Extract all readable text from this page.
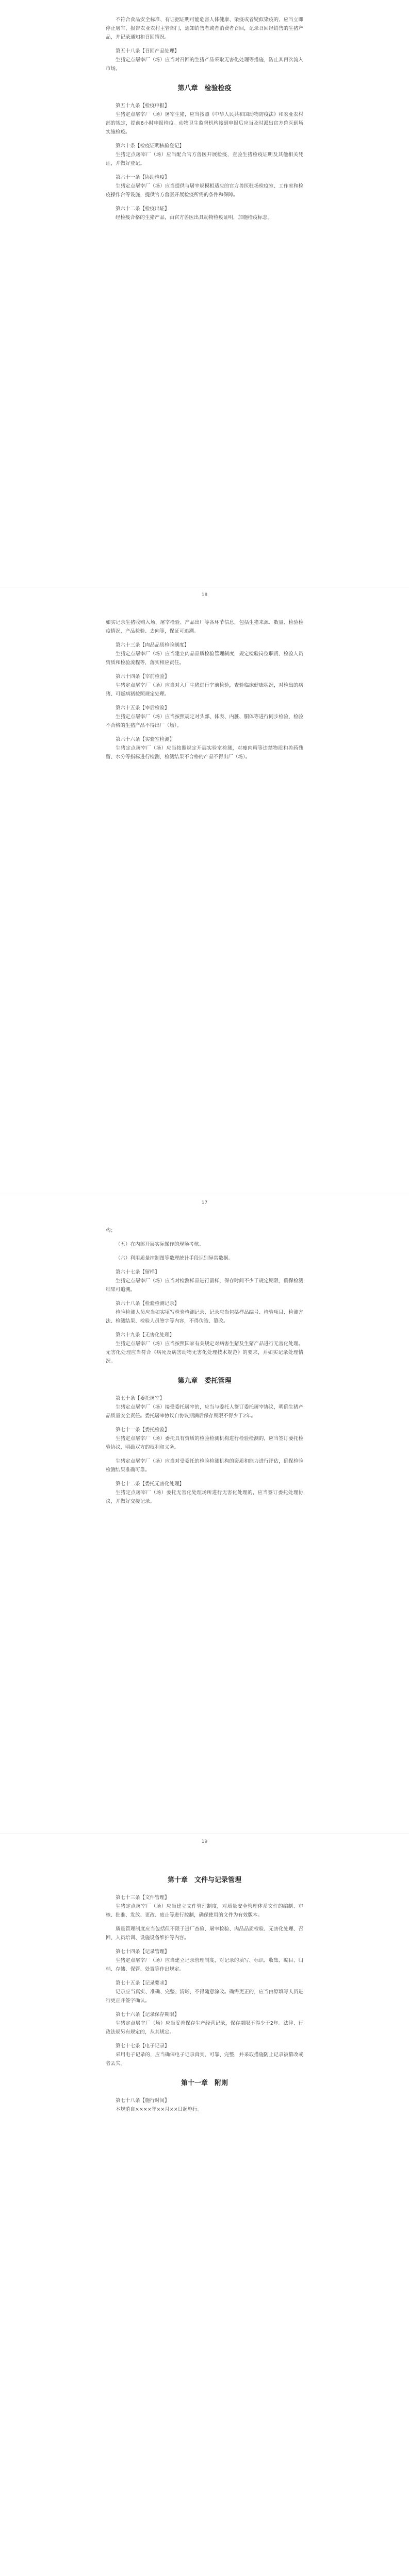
不符合食品安全标准、有证据证明可能危害人体健康、染疫或者疑似染疫的，应当立即停止屠宰，报告农业农村主管部门，通知销售者或者消费者召回，记录召回经销售的生猪产品，并记录通知和召回情况。

第五十八条【召回产品处理】

生猪定点屠宰厂（场）应当对召回的生猪产品采取无害化处理等措施，防止其再次流入市场。

第八章　检验检疫

第五十九条【检疫申报】

生猪定点屠宰厂（场）屠宰生猪，应当按照《中华人民共和国动物防疫法》和农业农村部的规定，提前6小时申报检疫。动物卫生监督机构接到申报后应当及时派出官方兽医到场实施检疫。

第六十条【检疫证明核验登记】

生猪定点屠宰厂（场）应当配合官方兽医开展检疫，查验生猪检疫证明及其他相关凭证，并做好登记。

第六十一条【协助检疫】

生猪定点屠宰厂（场）应当提供与屠宰规模相适应的官方兽医驻场检疫室、工作室和检疫操作台等设施，提供官方兽医开展检疫所需的条件和保障。

第六十二条【检疫出证】

经检疫合格的生猪产品，由官方兽医出具动物检疫证明，加施检疫标志。

18

如实记录生猪收购入场、屠宰检验、产品出厂等各环节信息，包括生猪来源、数量、检验检疫情况，产品检验、去向等，保证可追溯。

第六十三条【肉品品质检验制度】

生猪定点屠宰厂（场）应当建立肉品品质检验管理制度，规定检验岗位职责、检验人员资质和检验流程等，落实相应责任。

第六十四条【宰前检验】

生猪定点屠宰厂（场）应当对入厂生猪进行宰前检验，查验临床健康状况，对检出的病猪、可疑病猪按照规定处理。

第六十五条【宰后检验】

生猪定点屠宰厂（场）应当按照规定对头部、体表、内脏、胴体等进行同步检验，检验不合格的生猪产品不得出厂（场）。

第六十六条【实验室检测】

生猪定点屠宰厂（场）应当按照规定开展实验室检测，对瘦肉精等违禁物质和兽药残留、水分等指标进行检测，检测结果不合格的产品不得出厂（场）。

17

构；

（五）在内部开展实际操作的现场考核。

（六）利用质量控制图等数理统计手段识别异常数据。

第六十七条【留样】

生猪定点屠宰厂（场）应当对检测样品进行留样，保存时间不少于规定期限，确保检测结果可追溯。

第六十八条【检验检测记录】

检验检测人员应当如实填写检验检测记录，记录应当包括样品编号、检验项目、检测方法、检测结果、检验人员签字等内容，不得伪造、篡改。

第六十九条【无害化处理】

生猪定点屠宰厂（场）应当按照国家有关规定对病害生猪及生猪产品进行无害化处理。无害化处理应当符合《病死及病害动物无害化处理技术规范》的要求，并如实记录处理情况。

第九章　委托管理

第七十条【委托屠宰】

生猪定点屠宰厂（场）接受委托屠宰的，应当与委托人签订委托屠宰协议，明确生猪产品质量安全责任。委托屠宰协议自协议期满后保存期限不得少于2年。

第七十一条【委托检验】

生猪定点屠宰厂（场）委托具有资质的检验检测机构进行检验检测的，应当签订委托检验协议，明确双方的权利和义务。

生猪定点屠宰厂（场）应当对受委托的检验检测机构的资质和能力进行评估，确保检验检测结果准确可靠。

第七十二条【委托无害化处理】

生猪定点屠宰厂（场）委托无害化处理场所进行无害化处理的，应当签订委托处理协议，并做好交接记录。

19
第十章　文件与记录管理

第七十三条【文件管理】

生猪定点屠宰厂（场）应当建立文件管理制度，对质量安全管理体系文件的编制、审核、批准、发放、更改、废止等进行控制，确保使用的文件为有效版本。

质量管理制度应当包括但不限于进厂查验、屠宰检验、肉品品质检验、无害化处理、召回、人员培训、设施设备维护等内容。

第七十四条【记录管理】

生猪定点屠宰厂（场）应当建立记录管理制度，对记录的填写、标识、收集、编目、归档、存储、保管、处置等作出规定。

第七十五条【记录要求】

记录应当真实、准确、完整、清晰，不得随意涂改。确需更正的，应当由原填写人员进行更正并签字确认。

第七十六条【记录保存期限】

生猪定点屠宰厂（场）应当妥善保存生产经营记录，保存期限不得少于2年。法律、行政法规另有规定的，从其规定。

第七十七条【电子记录】

采用电子记录的，应当确保电子记录真实、可靠、完整，并采取措施防止记录被篡改或者丢失。

第十一章　附则

第七十八条【施行时间】

本规范自××××年××月××日起施行。
